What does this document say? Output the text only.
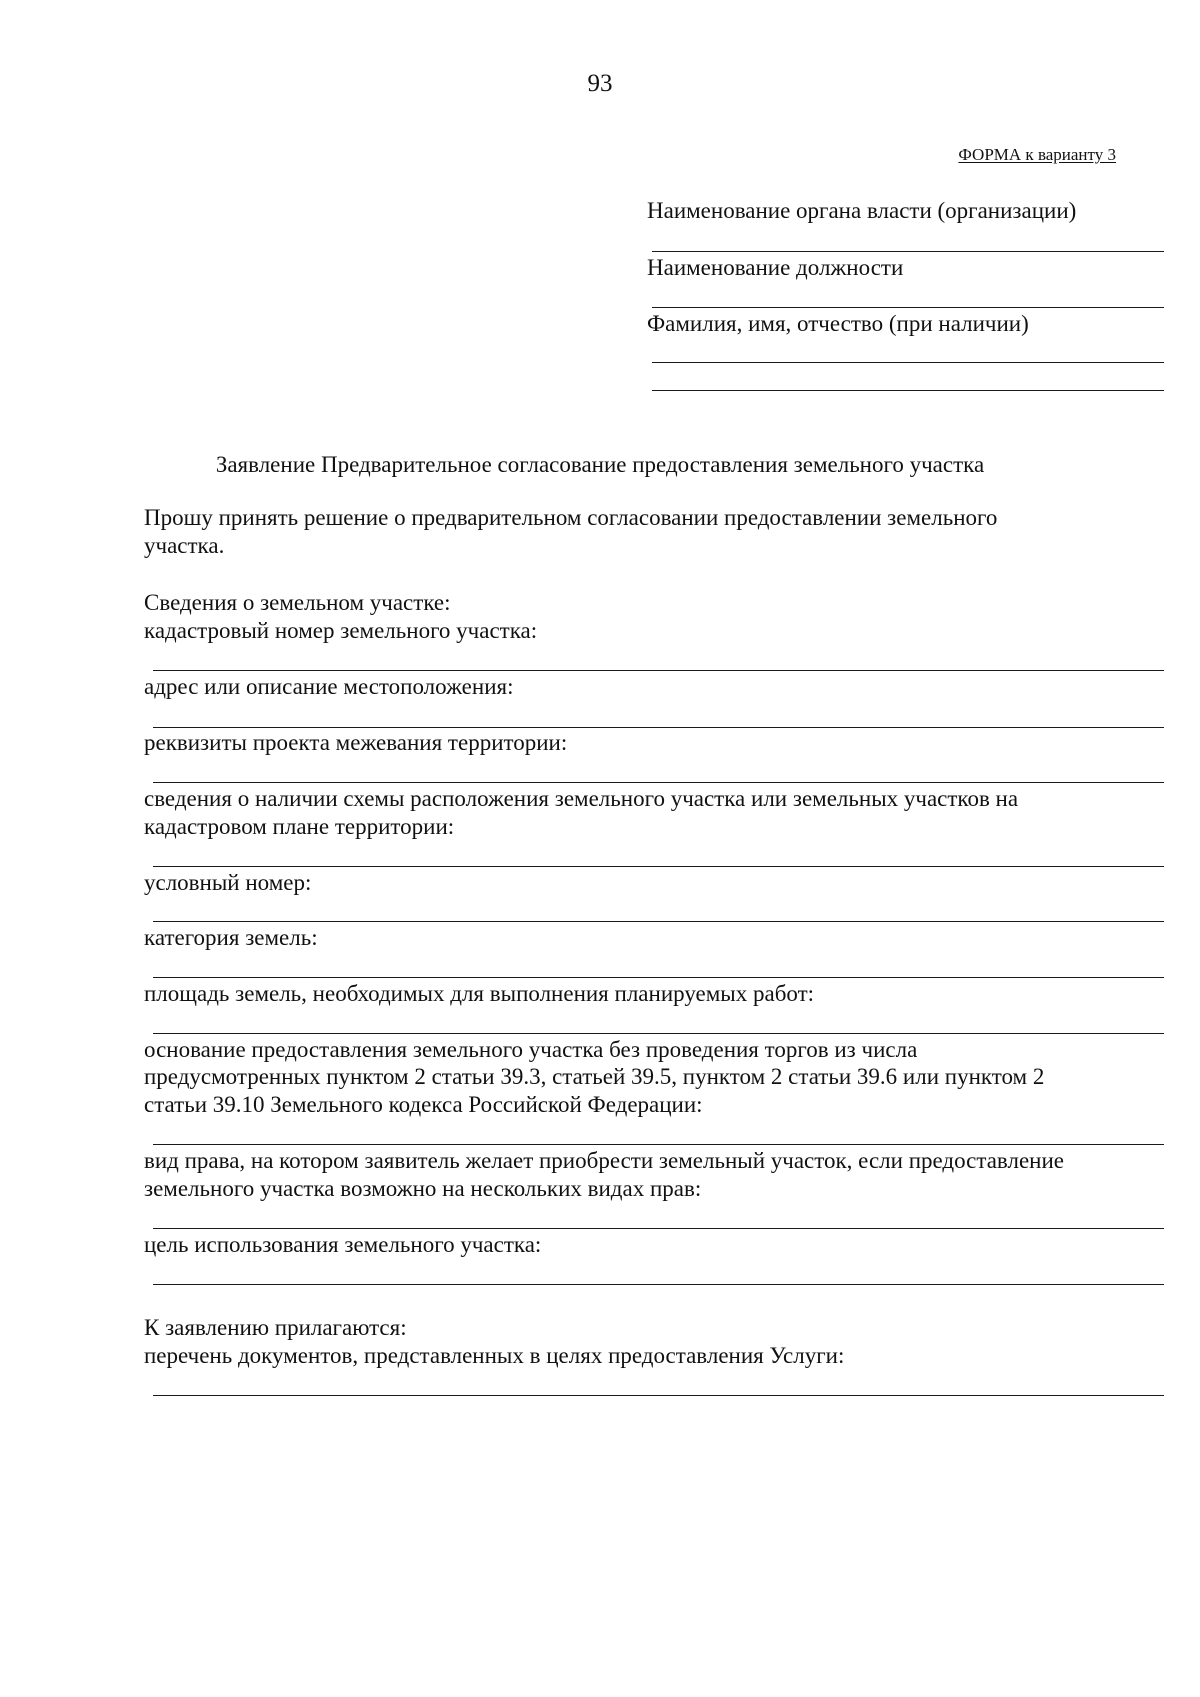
93

ФОРМА к варианту 3

Наименование органа власти (организации)

Наименование должности

Фамилия, имя, отчество (при наличии)

Заявление Предварительное согласование предоставления земельного участка

Прошу принять решение о предварительном согласовании предоставлении земельного

участка.

Сведения о земельном участке:

кадастровый номер земельного участка:

адрес или описание местоположения:

реквизиты проекта межевания территории:

сведения о наличии схемы расположения земельного участка или земельных участков на

кадастровом плане территории:

условный номер:

категория земель:

площадь земель, необходимых для выполнения планируемых работ:

основание предоставления земельного участка без проведения торгов из числа

предусмотренных пунктом 2 статьи 39.3, статьей 39.5, пунктом 2 статьи 39.6 или пунктом 2

статьи 39.10 Земельного кодекса Российской Федерации:

вид права, на котором заявитель желает приобрести земельный участок, если предоставление

земельного участка возможно на нескольких видах прав:

цель использования земельного участка:

К заявлению прилагаются:

перечень документов, представленных в целях предоставления Услуги:
